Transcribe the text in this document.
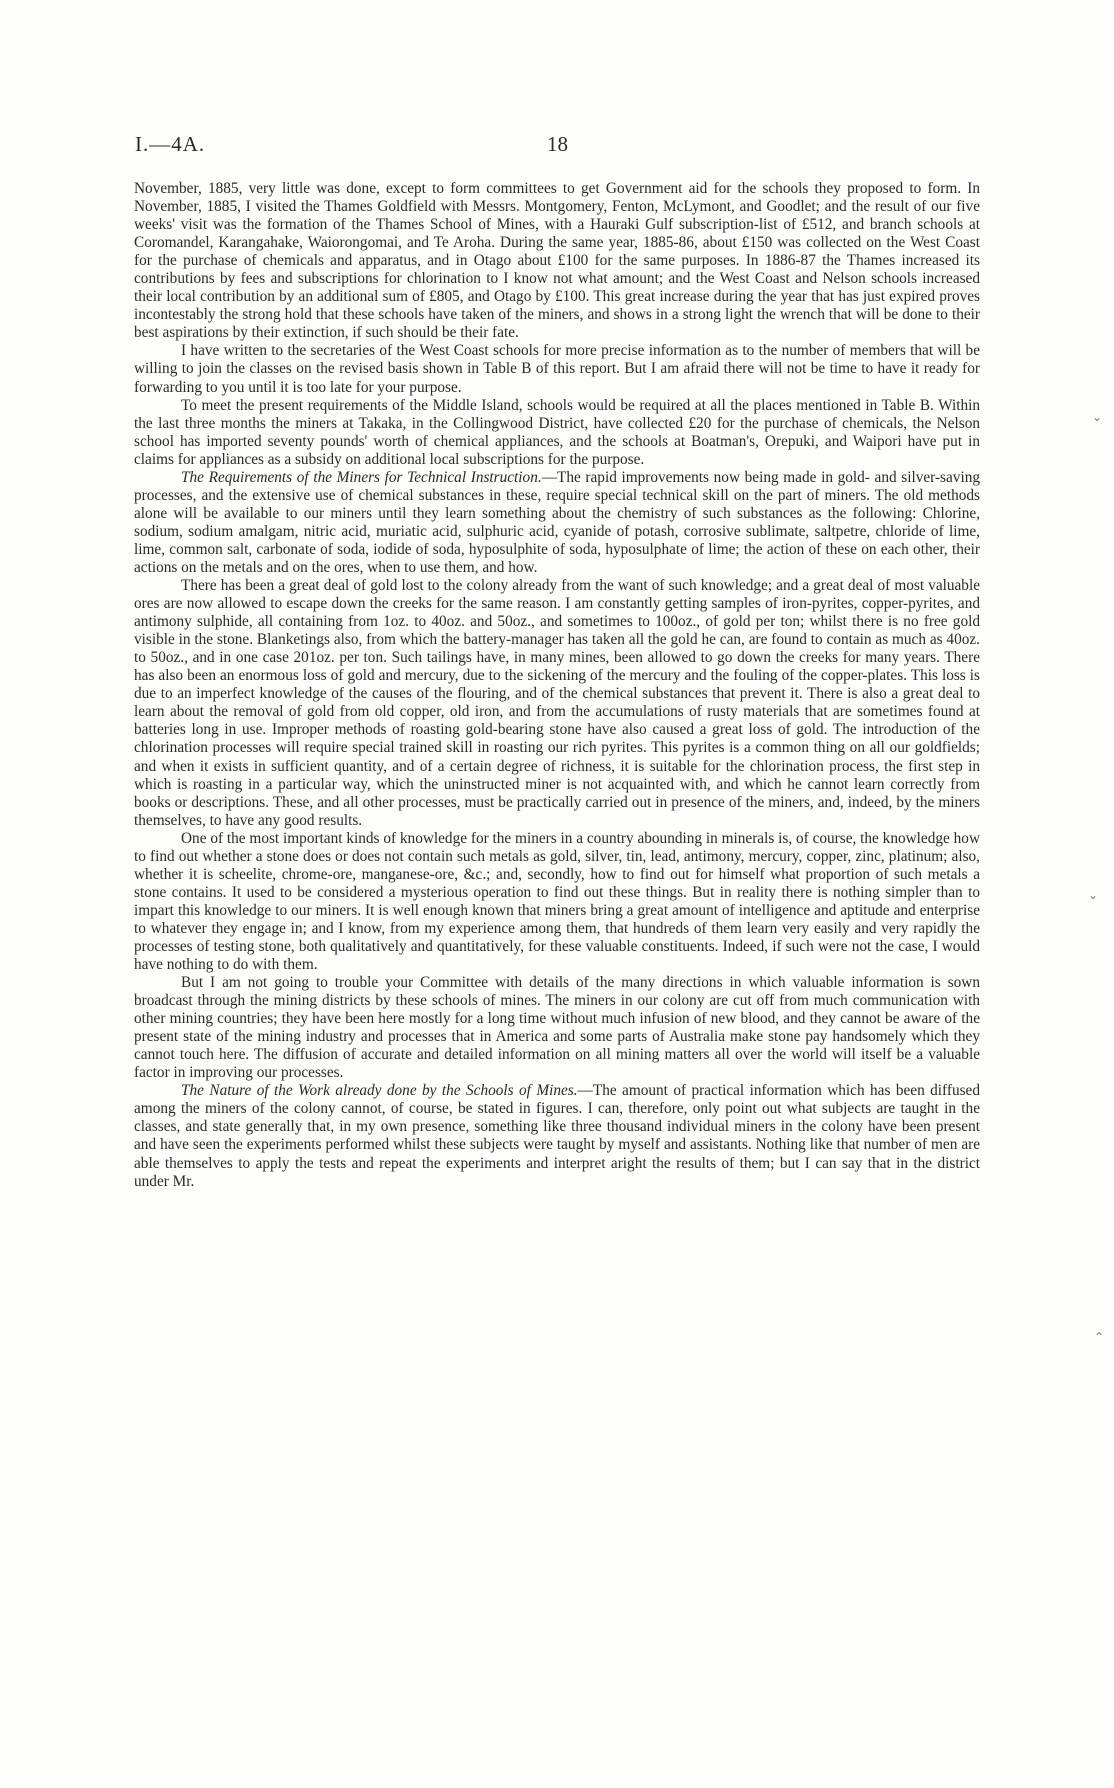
I.—4A.	18

November, 1885, very little was done, except to form committees to get Government aid for the schools they proposed to form. In November, 1885, I visited the Thames Goldfield with Messrs. Montgomery, Fenton, McLymont, and Goodlet; and the result of our five weeks' visit was the formation of the Thames School of Mines, with a Hauraki Gulf subscription-list of £512, and branch schools at Coromandel, Karangahake, Waiorongomai, and Te Aroha. During the same year, 1885-86, about £150 was collected on the West Coast for the purchase of chemicals and apparatus, and in Otago about £100 for the same purposes. In 1886-87 the Thames increased its contributions by fees and subscriptions for chlorination to I know not what amount; and the West Coast and Nelson schools increased their local contribution by an additional sum of £805, and Otago by £100. This great increase during the year that has just expired proves incontestably the strong hold that these schools have taken of the miners, and shows in a strong light the wrench that will be done to their best aspirations by their extinction, if such should be their fate.

I have written to the secretaries of the West Coast schools for more precise information as to the number of members that will be willing to join the classes on the revised basis shown in Table B of this report. But I am afraid there will not be time to have it ready for forwarding to you until it is too late for your purpose.

To meet the present requirements of the Middle Island, schools would be required at all the places mentioned in Table B. Within the last three months the miners at Takaka, in the Collingwood District, have collected £20 for the purchase of chemicals, the Nelson school has imported seventy pounds' worth of chemical appliances, and the schools at Boatman's, Orepuki, and Waipori have put in claims for appliances as a subsidy on additional local subscriptions for the purpose.

The Requirements of the Miners for Technical Instruction.—The rapid improvements now being made in gold- and silver-saving processes, and the extensive use of chemical substances in these, require special technical skill on the part of miners. The old methods alone will be available to our miners until they learn something about the chemistry of such substances as the following: Chlorine, sodium, sodium amalgam, nitric acid, muriatic acid, sulphuric acid, cyanide of potash, corrosive sublimate, saltpetre, chloride of lime, lime, common salt, carbonate of soda, iodide of soda, hyposulphite of soda, hyposulphate of lime; the action of these on each other, their actions on the metals and on the ores, when to use them, and how.

There has been a great deal of gold lost to the colony already from the want of such knowledge; and a great deal of most valuable ores are now allowed to escape down the creeks for the same reason. I am constantly getting samples of iron-pyrites, copper-pyrites, and antimony sulphide, all containing from 1oz. to 40oz. and 50oz., and sometimes to 100oz., of gold per ton; whilst there is no free gold visible in the stone. Blanketings also, from which the battery-manager has taken all the gold he can, are found to contain as much as 40oz. to 50oz., and in one case 201oz. per ton. Such tailings have, in many mines, been allowed to go down the creeks for many years. There has also been an enormous loss of gold and mercury, due to the sickening of the mercury and the fouling of the copper-plates. This loss is due to an imperfect knowledge of the causes of the flouring, and of the chemical substances that prevent it. There is also a great deal to learn about the removal of gold from old copper, old iron, and from the accumulations of rusty materials that are sometimes found at batteries long in use. Improper methods of roasting gold-bearing stone have also caused a great loss of gold. The introduction of the chlorination processes will require special trained skill in roasting our rich pyrites. This pyrites is a common thing on all our goldfields; and when it exists in sufficient quantity, and of a certain degree of richness, it is suitable for the chlorination process, the first step in which is roasting in a particular way, which the uninstructed miner is not acquainted with, and which he cannot learn correctly from books or descriptions. These, and all other processes, must be practically carried out in presence of the miners, and, indeed, by the miners themselves, to have any good results.

One of the most important kinds of knowledge for the miners in a country abounding in minerals is, of course, the knowledge how to find out whether a stone does or does not contain such metals as gold, silver, tin, lead, antimony, mercury, copper, zinc, platinum; also, whether it is scheelite, chrome-ore, manganese-ore, &c.; and, secondly, how to find out for himself what proportion of such metals a stone contains. It used to be considered a mysterious operation to find out these things. But in reality there is nothing simpler than to impart this knowledge to our miners. It is well enough known that miners bring a great amount of intelligence and aptitude and enterprise to whatever they engage in; and I know, from my experience among them, that hundreds of them learn very easily and very rapidly the processes of testing stone, both qualitatively and quantitatively, for these valuable constituents. Indeed, if such were not the case, I would have nothing to do with them.

But I am not going to trouble your Committee with details of the many directions in which valuable information is sown broadcast through the mining districts by these schools of mines. The miners in our colony are cut off from much communication with other mining countries; they have been here mostly for a long time without much infusion of new blood, and they cannot be aware of the present state of the mining industry and processes that in America and some parts of Australia make stone pay handsomely which they cannot touch here. The diffusion of accurate and detailed information on all mining matters all over the world will itself be a valuable factor in improving our processes.

The Nature of the Work already done by the Schools of Mines.—The amount of practical information which has been diffused among the miners of the colony cannot, of course, be stated in figures. I can, therefore, only point out what subjects are taught in the classes, and state generally that, in my own presence, something like three thousand individual miners in the colony have been present and have seen the experiments performed whilst these subjects were taught by myself and assistants. Nothing like that number of men are able themselves to apply the tests and repeat the experiments and interpret aright the results of them; but I can say that in the district under Mr.

⌄
⌄
⌃
